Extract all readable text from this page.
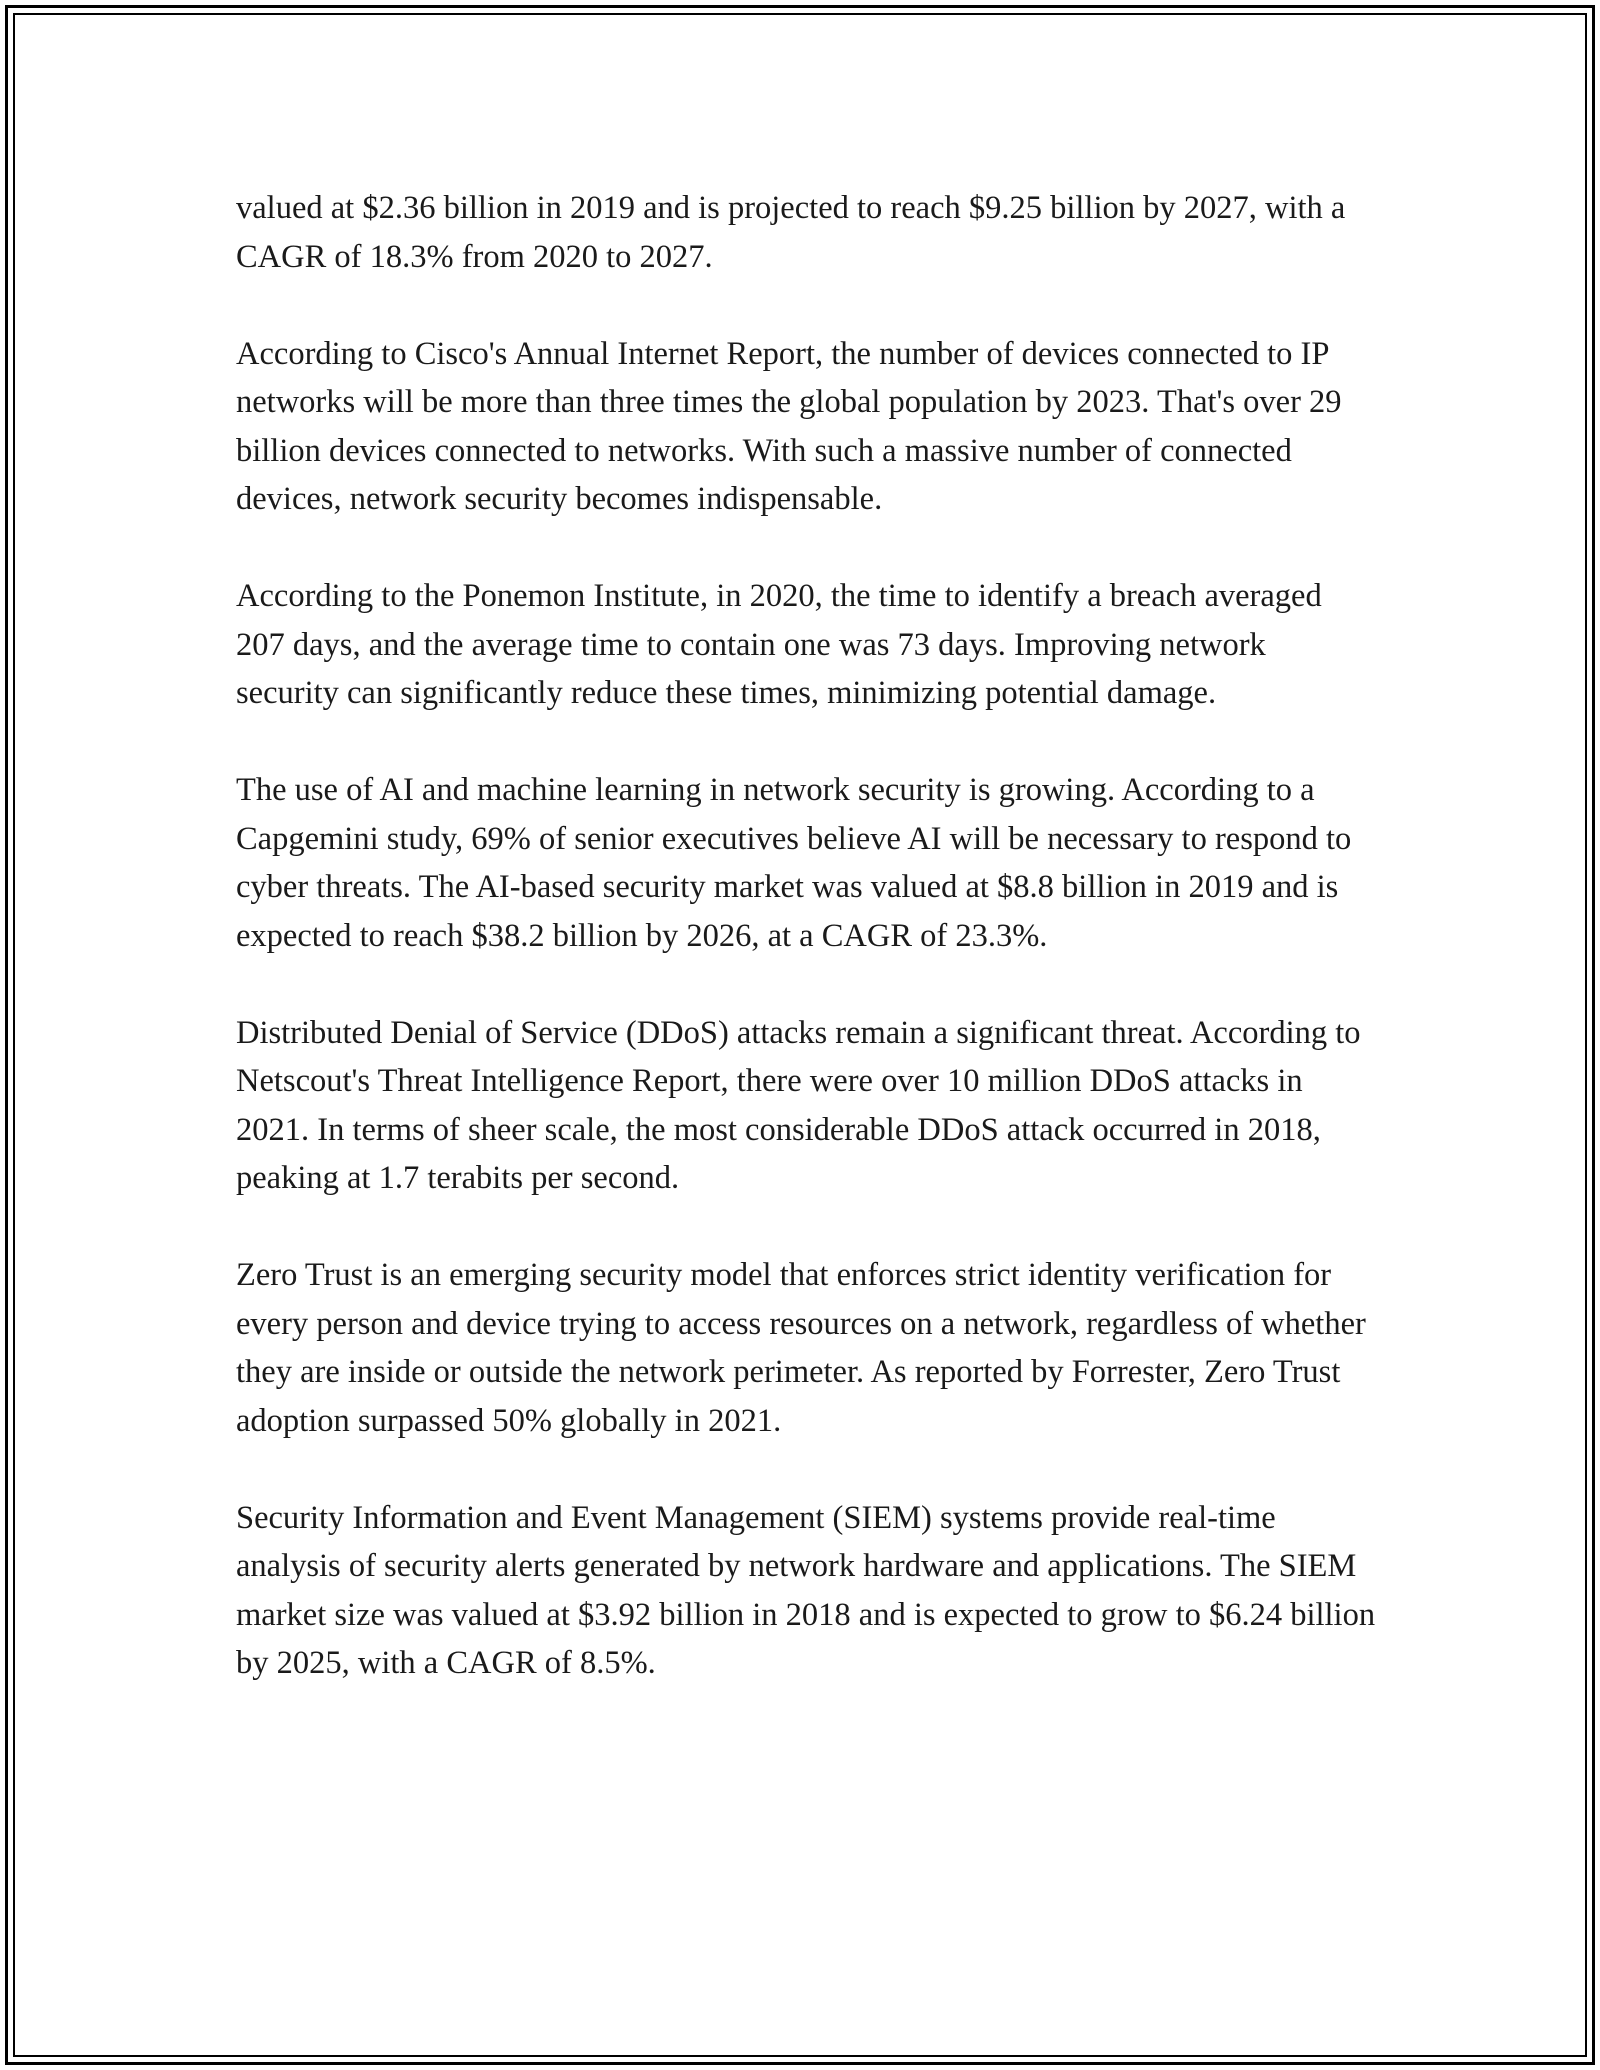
valued at $2.36 billion in 2019 and is projected to reach $9.25 billion by 2027, with a CAGR of 18.3% from 2020 to 2027.

According to Cisco's Annual Internet Report, the number of devices connected to IP networks will be more than three times the global population by 2023. That's over 29 billion devices connected to networks. With such a massive number of connected devices, network security becomes indispensable.

According to the Ponemon Institute, in 2020, the time to identify a breach averaged 207 days, and the average time to contain one was 73 days. Improving network security can significantly reduce these times, minimizing potential damage.

The use of AI and machine learning in network security is growing. According to a Capgemini study, 69% of senior executives believe AI will be necessary to respond to cyber threats. The AI-based security market was valued at $8.8 billion in 2019 and is expected to reach $38.2 billion by 2026, at a CAGR of 23.3%.

Distributed Denial of Service (DDoS) attacks remain a significant threat. According to Netscout's Threat Intelligence Report, there were over 10 million DDoS attacks in 2021. In terms of sheer scale, the most considerable DDoS attack occurred in 2018, peaking at 1.7 terabits per second.

Zero Trust is an emerging security model that enforces strict identity verification for every person and device trying to access resources on a network, regardless of whether they are inside or outside the network perimeter. As reported by Forrester, Zero Trust adoption surpassed 50% globally in 2021.

Security Information and Event Management (SIEM) systems provide real-time analysis of security alerts generated by network hardware and applications. The SIEM market size was valued at $3.92 billion in 2018 and is expected to grow to $6.24 billion by 2025, with a CAGR of 8.5%.
